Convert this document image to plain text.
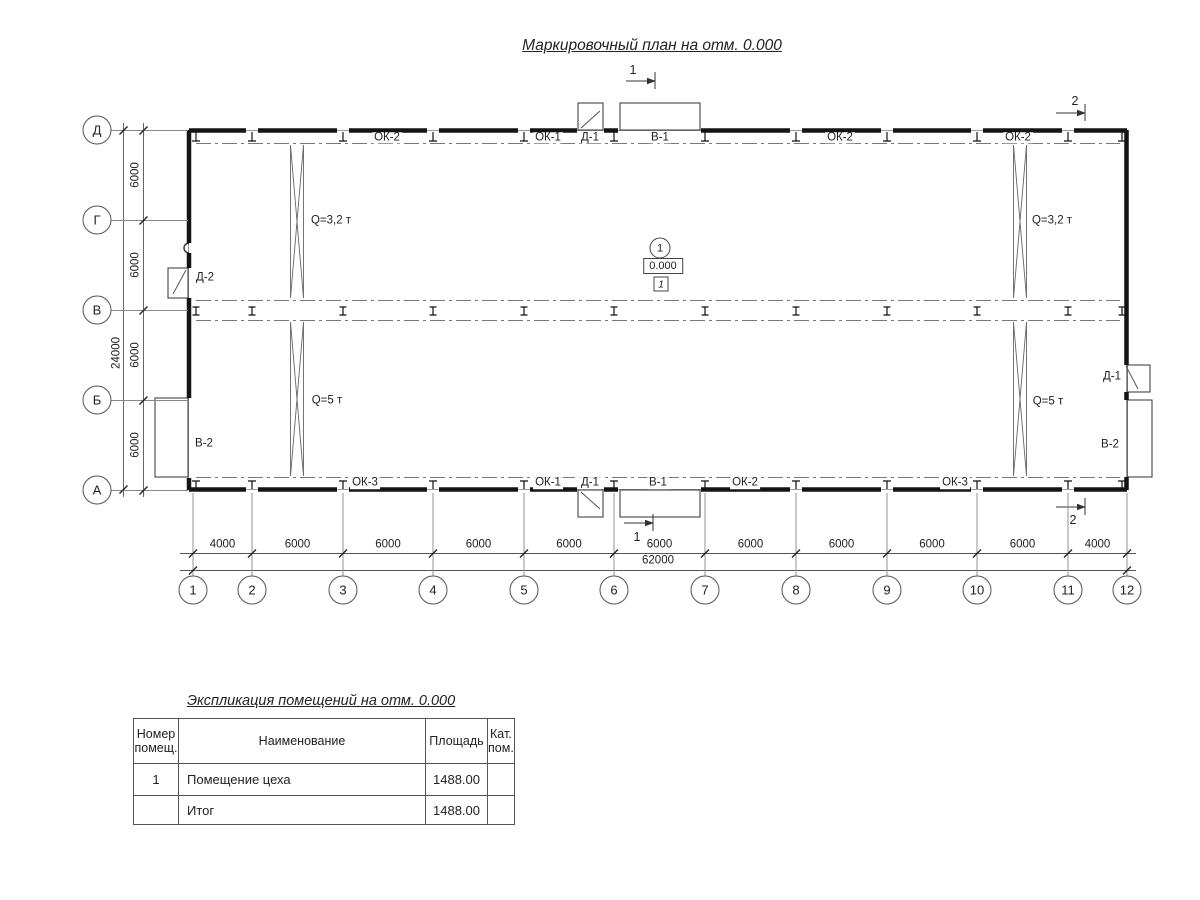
Маркировочный план на отм. 0.000
1
0.000
1
Экспликация помещений на отм. 0.000
Номер помещ.	Наименование	Площадь	Кат. пом.
1	Помещение цеха	1488.00	
	Итог	1488.00	
1	2	3	4	5	6	7	8	9	10	11	12
Д
Г
В
Б
А
4000	6000	6000	6000	6000	6000	6000	6000	6000	6000	4000
62000
6000
6000
6000
6000
24000
ОК-2	ОК-1 Д-1	В-1	ОК-2	ОК-2
ОК-3	ОК-1 Д-1	В-1	ОК-2	ОК-3
Д-2
В-2
Д-1
В-2
Q=3,2 т
Q=5 т
Q=3,2 т
Q=5 т
1
1
2
2
